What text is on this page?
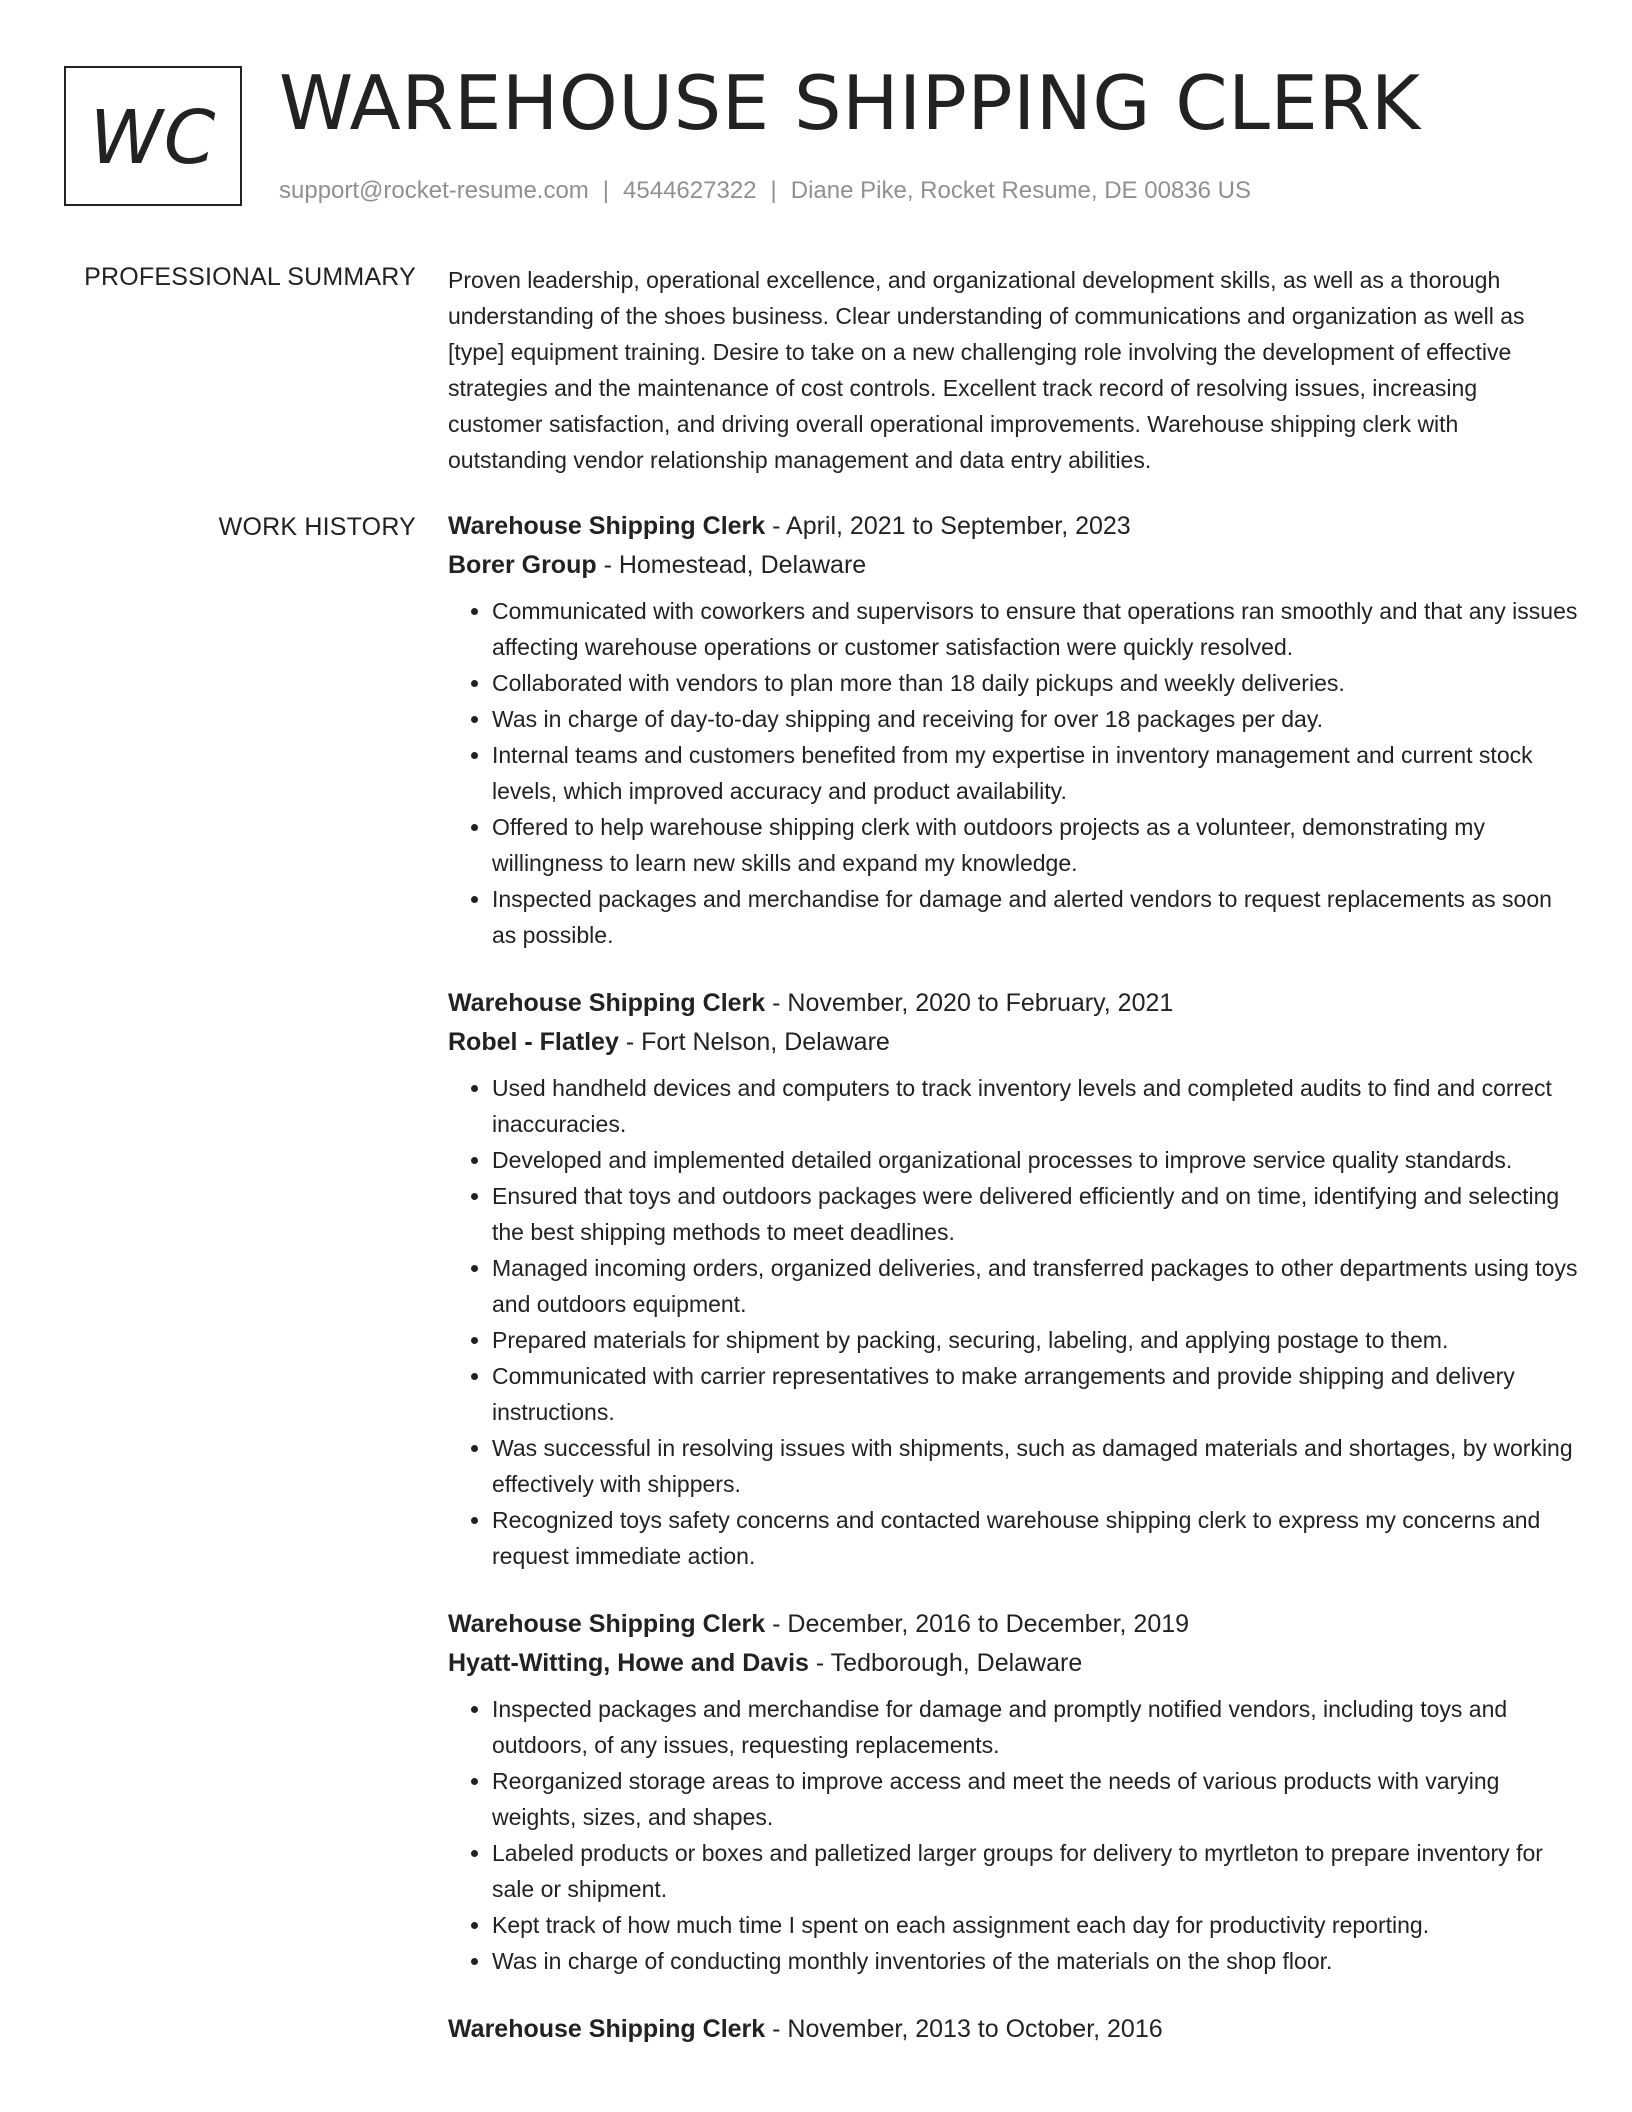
WC WAREHOUSE SHIPPING CLERK
support@rocket-resume.com | 4544627322 | Diane Pike, Rocket Resume, DE 00836 US
PROFESSIONAL SUMMARY Proven leadership, operational excellence, and organizational development skills, as well as a thorough understanding of the shoes business. Clear understanding of communications and organization as well as [type] equipment training. Desire to take on a new challenging role involving the development of effective strategies and the maintenance of cost controls. Excellent track record of resolving issues, increasing customer satisfaction, and driving overall operational improvements. Warehouse shipping clerk with outstanding vendor relationship management and data entry abilities.

WORK HISTORY Warehouse Shipping Clerk - April, 2021 to September, 2023

Borer Group - Homestead, Delaware

• Communicated with coworkers and supervisors to ensure that operations ran smoothly and that any issues affecting warehouse operations or customer satisfaction were quickly resolved.
• Collaborated with vendors to plan more than 18 daily pickups and weekly deliveries.
• Was in charge of day-to-day shipping and receiving for over 18 packages per day.
• Internal teams and customers benefited from my expertise in inventory management and current stock levels, which improved accuracy and product availability.
• Offered to help warehouse shipping clerk with outdoors projects as a volunteer, demonstrating my willingness to learn new skills and expand my knowledge.
• Inspected packages and merchandise for damage and alerted vendors to request replacements as soon as possible.

Warehouse Shipping Clerk - November, 2020 to February, 2021

Robel - Flatley - Fort Nelson, Delaware

• Used handheld devices and computers to track inventory levels and completed audits to find and correct inaccuracies.
• Developed and implemented detailed organizational processes to improve service quality standards.
• Ensured that toys and outdoors packages were delivered efficiently and on time, identifying and selecting the best shipping methods to meet deadlines.
• Managed incoming orders, organized deliveries, and transferred packages to other departments using toys and outdoors equipment.
• Prepared materials for shipment by packing, securing, labeling, and applying postage to them.
• Communicated with carrier representatives to make arrangements and provide shipping and delivery instructions.
• Was successful in resolving issues with shipments, such as damaged materials and shortages, by working effectively with shippers.
• Recognized toys safety concerns and contacted warehouse shipping clerk to express my concerns and request immediate action.

Warehouse Shipping Clerk - December, 2016 to December, 2019

Hyatt-Witting, Howe and Davis - Tedborough, Delaware

• Inspected packages and merchandise for damage and promptly notified vendors, including toys and outdoors, of any issues, requesting replacements.
• Reorganized storage areas to improve access and meet the needs of various products with varying weights, sizes, and shapes.
• Labeled products or boxes and palletized larger groups for delivery to myrtleton to prepare inventory for sale or shipment.
• Kept track of how much time I spent on each assignment each day for productivity reporting.
• Was in charge of conducting monthly inventories of the materials on the shop floor.

Warehouse Shipping Clerk - November, 2013 to October, 2016
